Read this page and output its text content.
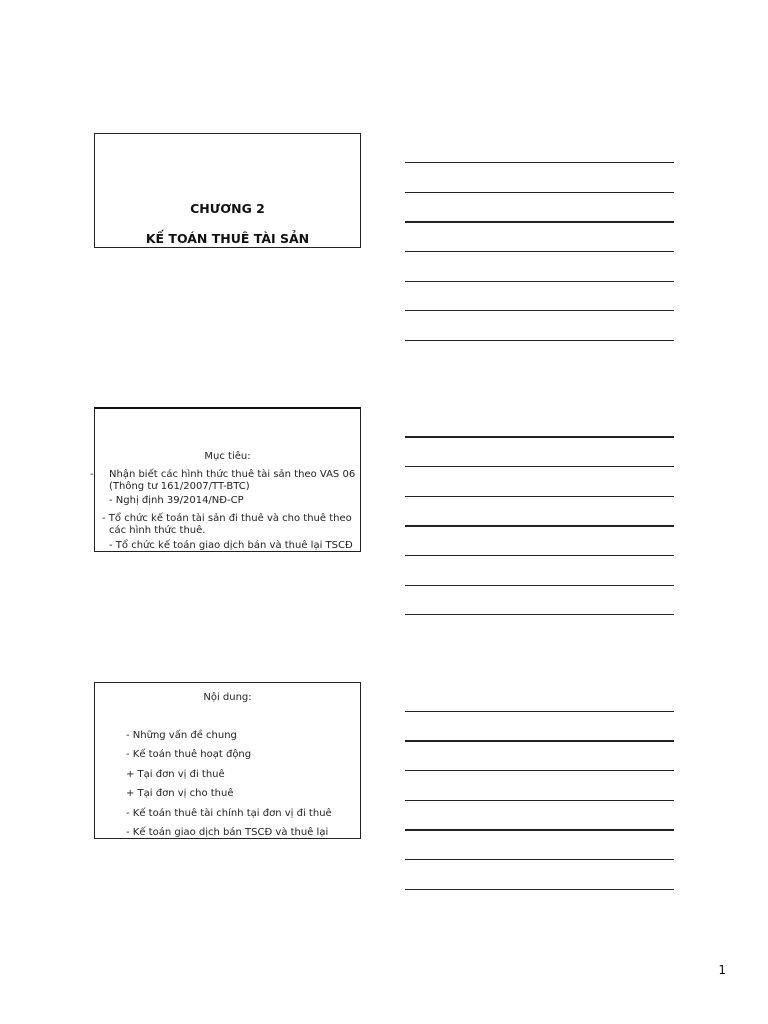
CHƯƠNG 2
KẾ TOÁN THUÊ TÀI SẢN
Mục tiêu:
- Nhận biết các hình thức thuê tài sản theo VAS 06
(Thông tư 161/2007/TT-BTC)
- Nghị định 39/2014/NĐ-CP
- Tổ chức kế toán tài sản đi thuê và cho thuê theo
các hình thức thuê.
- Tổ chức kế toán giao dịch bán và thuê lại TSCĐ
Nội dung:
- Những vấn đề chung
- Kế toán thuê hoạt động
+ Tại đơn vị đi thuê
+ Tại đơn vị cho thuê
- Kế toán thuê tài chính tại đơn vị đi thuê
- Kế toán giao dịch bán TSCĐ và thuê lại
1
